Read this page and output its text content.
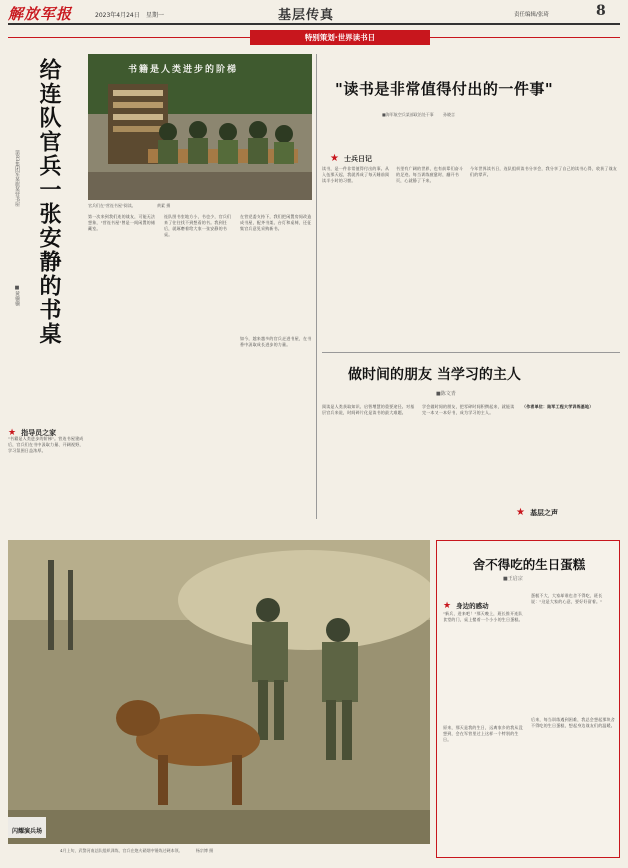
解放军报	2023年4月24日 星期一	基层传真	责任编辑/张琦	8
特别策划·世界读书日
书籍是人类进步的阶梯
官兵们在"营连书屋"阅读。	黄素 摄
给连队官兵一张安静的书桌
第83集团军某旅某营书屋
■黄骥骥
第一次来到我们连的战友，可能无法想象，"营连书屋"曾是一间闲置的储藏室。
连队图书室地方小，书也少，官兵们来了往往找不到想看的书。我到任后，就琢磨着给大家一张安静的书桌。
在营党委支持下，我们把闲置房间改造成书屋，配齐书架、台灯和桌椅，还征集官兵意见采购新书。
如今，越来越多的官兵走进书屋，在书香中汲取成长进步的力量。
★ 指导员之家
"书籍是人类进步的阶梯"。营连书屋建成后，官兵们在书中汲取力量、开阔视野，学习氛围日益浓厚。
"读书是非常值得付出的一件事"
■海军航空兵某部政治处干事 孙晓言
★ 士兵日记
读书，是一件非常值得付出的事。从入伍那天起，我就养成了每天睡前阅读半小时的习惯。
书里有广阔的世界，也有前辈们奋斗的足迹。每当训练疲惫时，翻开书页，心就静了下来。
今年世界读书日，连队组织读书分享会，我分享了自己的读书心得，收获了战友们的掌声。
做时间的朋友 当学习的主人
■陈文青
阅读是人类获取知识、启智增慧的重要途径。对基层官兵来说，时间碎片化是读书的最大难题。
学会做时间的朋友，把零碎时间积攒起来，就能读完一本又一本好书，成为学习的主人。
（作者单位：陆军工程大学训练基地）
★ 基层之声
闪耀演兵场
4月上旬，武警河南总队组织训练，官兵在炮火硝烟中锤炼过硬本领。	杨宗博 摄
舍不得吃的生日蛋糕
■王启宗
★ 身边的感动
"新兵，进来吧！"那天晚上，班长推开连队食堂的门，桌上摆着一个小小的生日蛋糕。
原来，那天是我的生日，远离家乡的我从没想到，会在军营里过上这样一个特别的生日。
蛋糕不大，大家却谁也舍不得吃，班长说："这是大家的心意，要好好留着。"
后来，每当训练遇到困难，我总会想起那块舍不得吃的生日蛋糕，想起身边战友们的温暖。
